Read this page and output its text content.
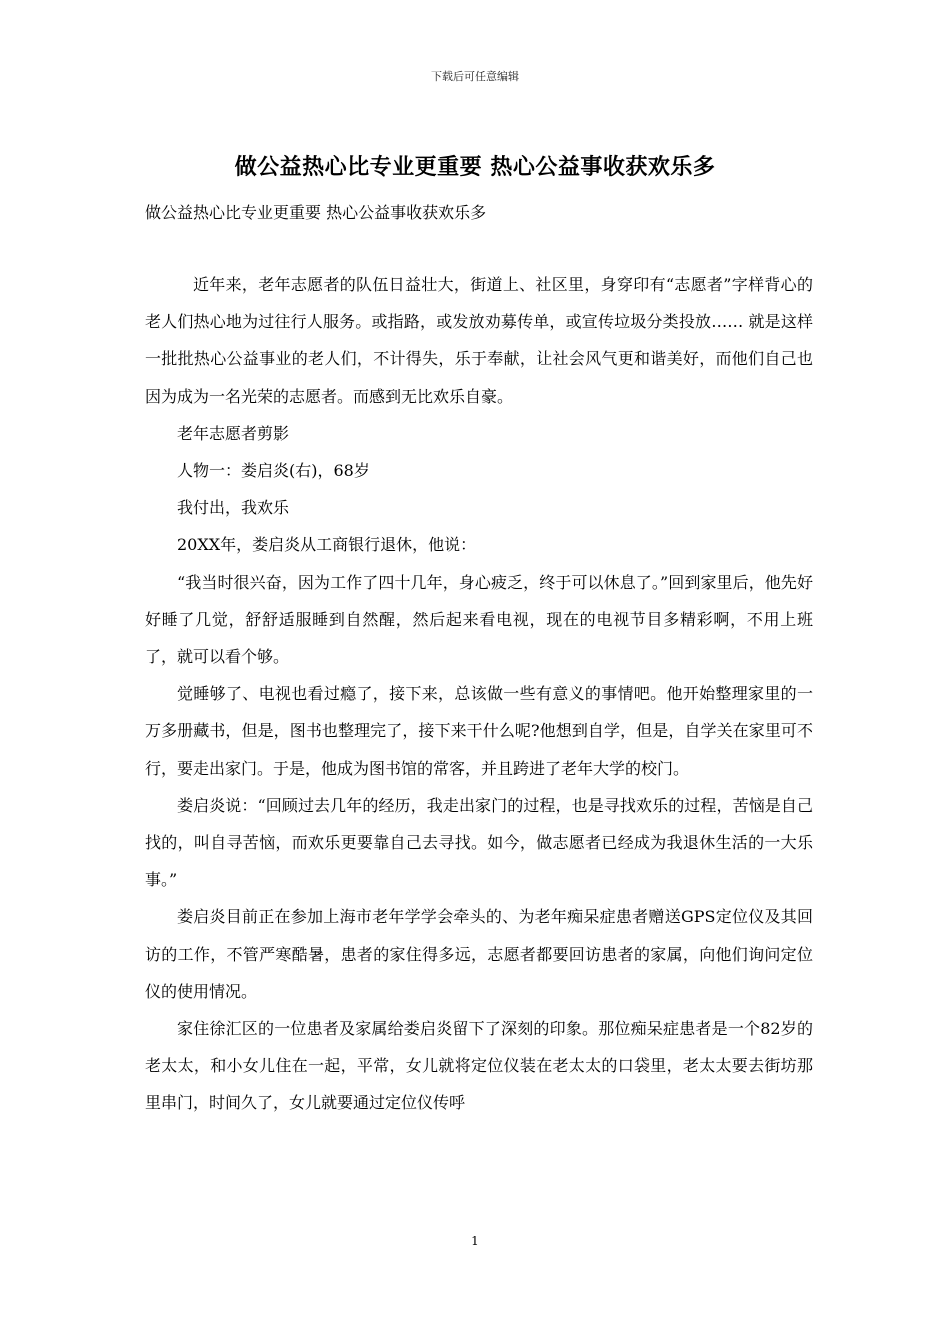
下载后可任意编辑
做公益热心比专业更重要 热心公益事收获欢乐多
做公益热心比专业更重要 热心公益事收获欢乐多

近年来，老年志愿者的队伍日益壮大，街道上、社区里，身穿印有“志愿者”字样背心的老人们热心地为过往行人服务。或指路，或发放劝募传单，或宣传垃圾分类投放…… 就是这样一批批热心公益事业的老人们，不计得失，乐于奉献，让社会风气更和谐美好，而他们自己也因为成为一名光荣的志愿者。而感到无比欢乐自豪。

老年志愿者剪影

人物一：娄启炎(右)，68岁

我付出，我欢乐

20XX年，娄启炎从工商银行退休，他说：

“我当时很兴奋，因为工作了四十几年，身心疲乏，终于可以休息了。”回到家里后，他先好好睡了几觉，舒舒适服睡到自然醒，然后起来看电视，现在的电视节目多精彩啊，不用上班了，就可以看个够。

觉睡够了、电视也看过瘾了，接下来，总该做一些有意义的事情吧。他开始整理家里的一万多册藏书，但是，图书也整理完了，接下来干什么呢?他想到自学，但是，自学关在家里可不行，要走出家门。于是，他成为图书馆的常客，并且跨进了老年大学的校门。

娄启炎说：“回顾过去几年的经历，我走出家门的过程，也是寻找欢乐的过程，苦恼是自己找的，叫自寻苦恼，而欢乐更要靠自己去寻找。如今，做志愿者已经成为我退休生活的一大乐事。”

娄启炎目前正在参加上海市老年学学会牵头的、为老年痴呆症患者赠送GPS定位仪及其回访的工作，不管严寒酷暑，患者的家住得多远，志愿者都要回访患者的家属，向他们询问定位仪的使用情况。

家住徐汇区的一位患者及家属给娄启炎留下了深刻的印象。那位痴呆症患者是一个82岁的老太太，和小女儿住在一起，平常，女儿就将定位仪装在老太太的口袋里，老太太要去街坊那里串门，时间久了，女儿就要通过定位仪传呼

1
